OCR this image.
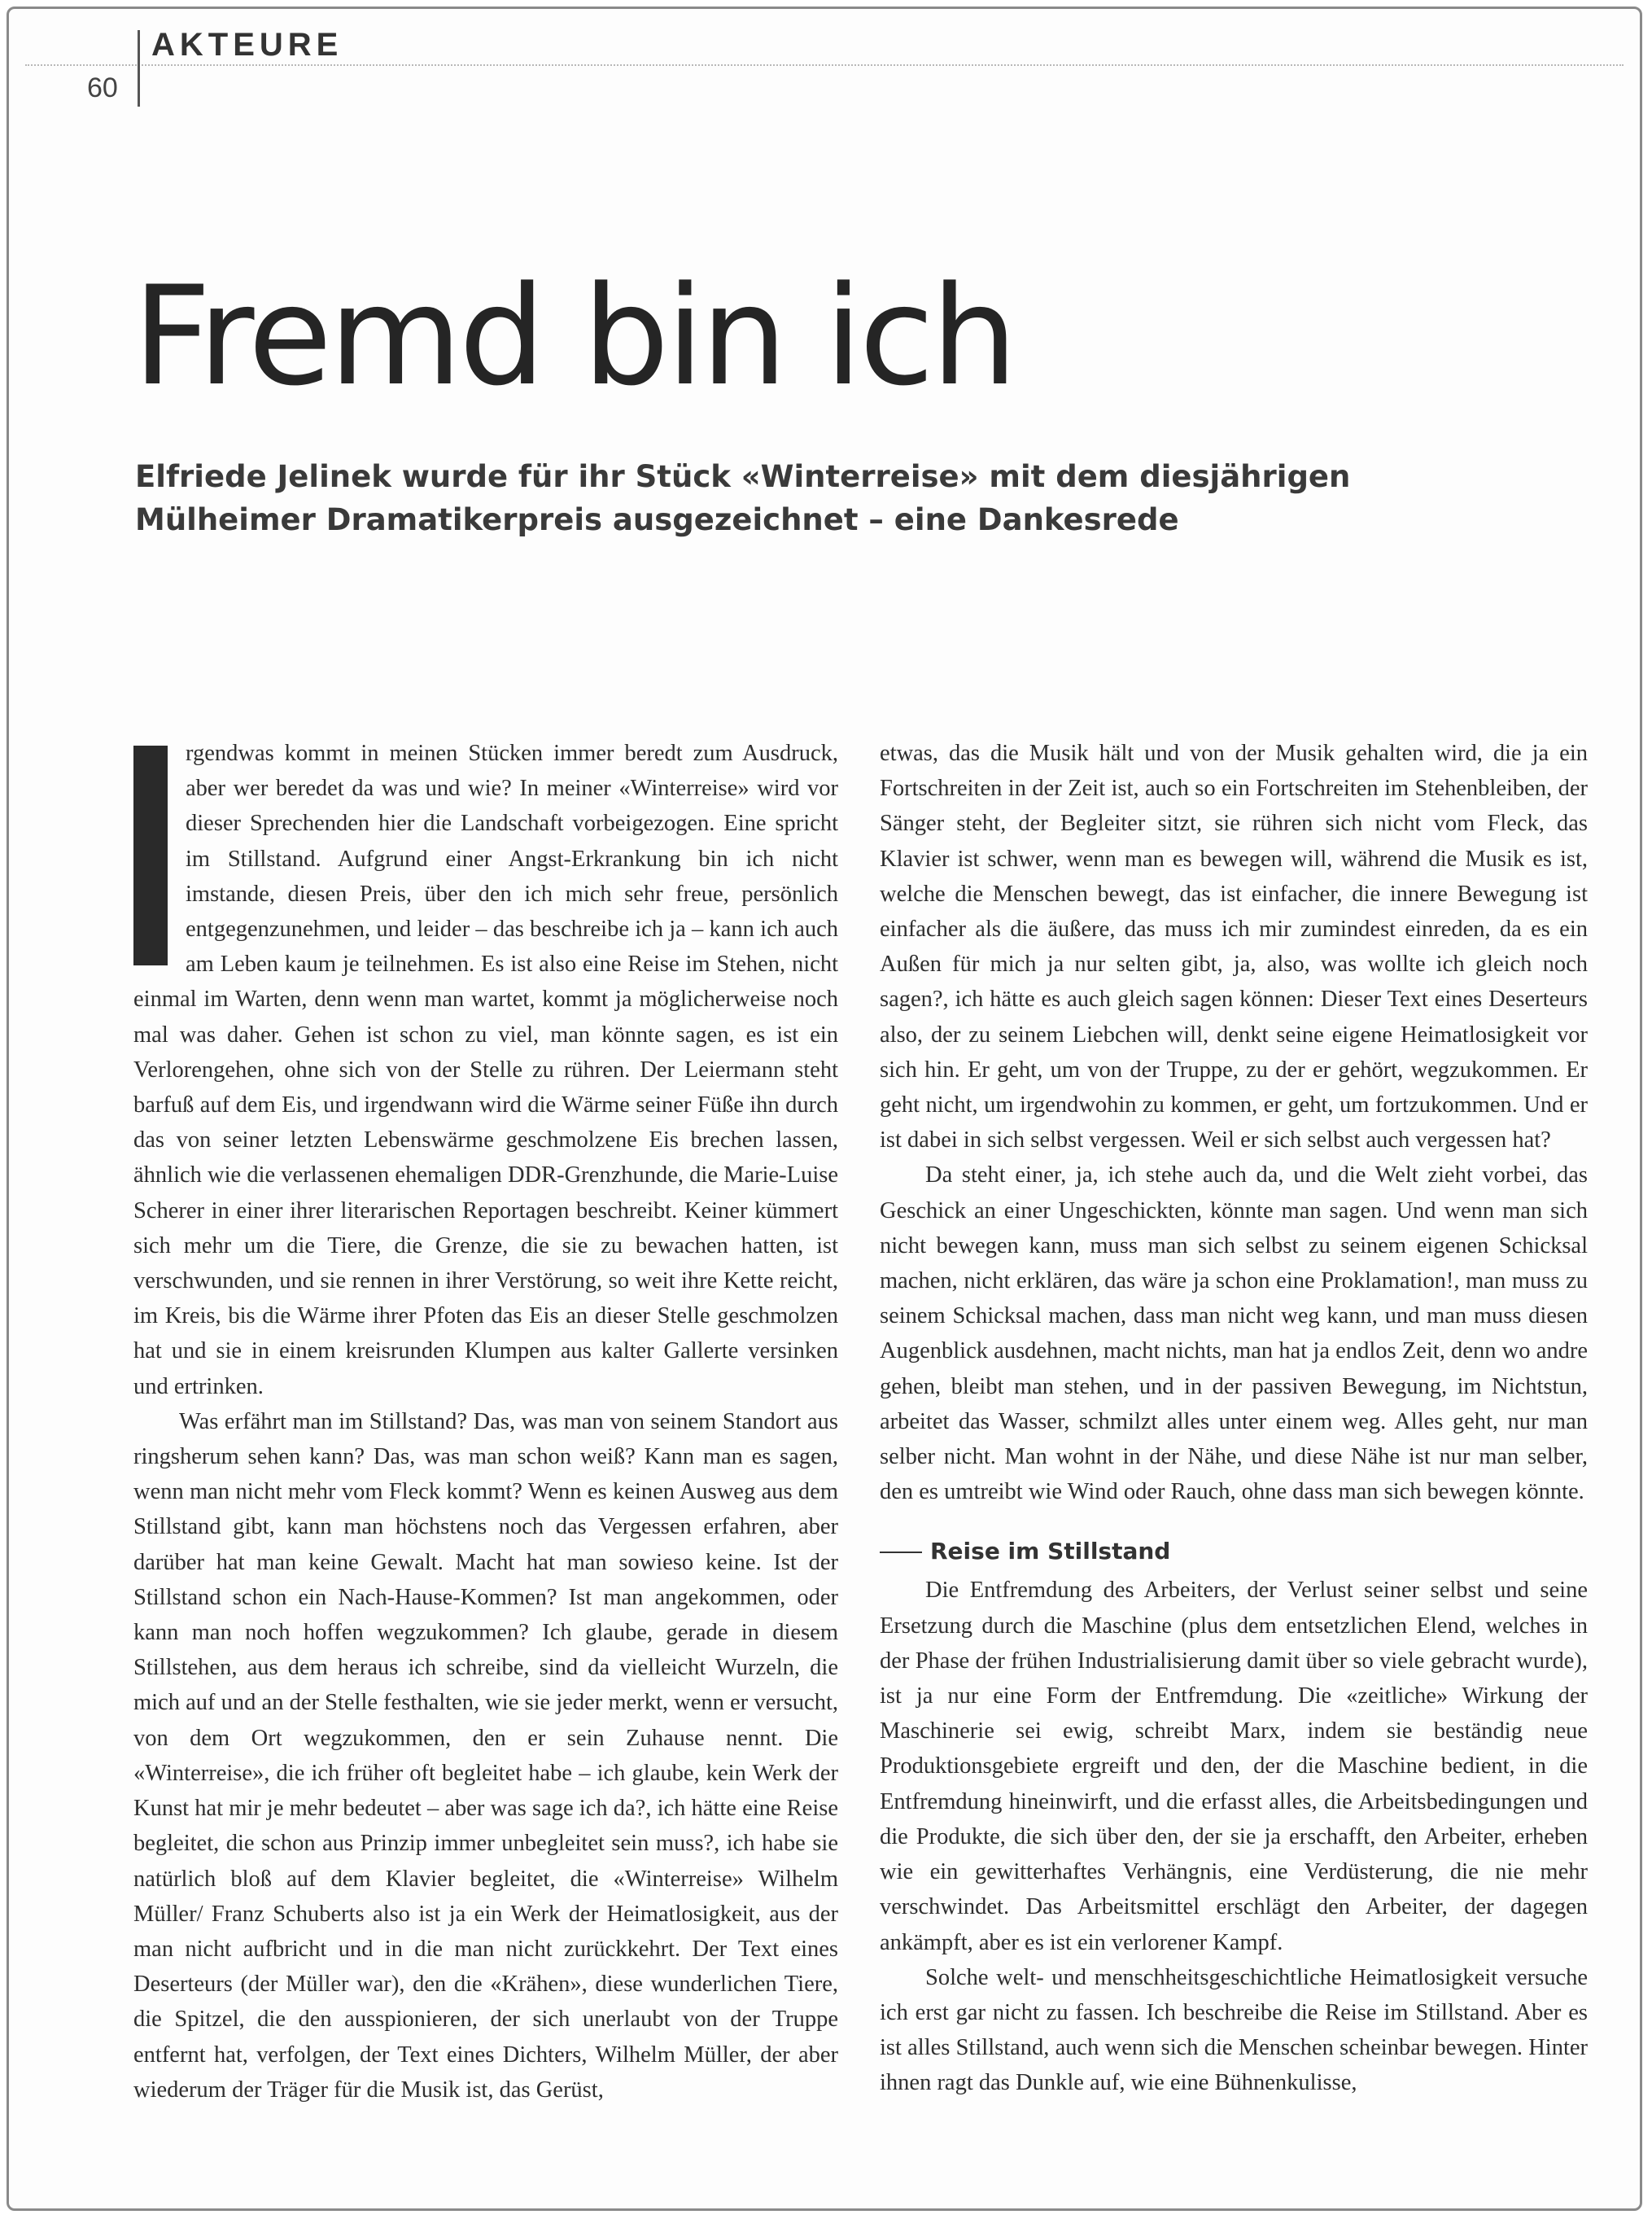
AKTEURE
60
Fremd bin ich
Elfriede Jelinek wurde für ihr Stück «Winterreise» mit dem diesjährigen Mülheimer Dramatikerpreis ausgezeichnet – eine Dankesrede

rgendwas kommt in meinen Stücken immer beredt zum Ausdruck, aber wer beredet da was und wie? In meiner «Winterreise» wird vor dieser Sprechenden hier die Landschaft vorbeigezogen. Eine spricht im Stillstand. Aufgrund einer Angst-Erkrankung bin ich nicht imstande, diesen Preis, über den ich mich sehr freue, persönlich entgegenzunehmen, und leider – das beschreibe ich ja – kann ich auch am Leben kaum je teilnehmen. Es ist also eine Reise im Stehen, nicht einmal im Warten, denn wenn man wartet, kommt ja möglicherweise noch mal was daher. Gehen ist schon zu viel, man könnte sagen, es ist ein Verlorengehen, ohne sich von der Stelle zu rühren. Der Leiermann steht barfuß auf dem Eis, und irgendwann wird die Wärme seiner Füße ihn durch das von seiner letzten Lebenswärme geschmolzene Eis brechen lassen, ähnlich wie die verlassenen ehemaligen DDR-Grenzhunde, die Marie-Luise Scherer in einer ihrer literarischen Reportagen beschreibt. Keiner kümmert sich mehr um die Tiere, die Grenze, die sie zu bewachen hatten, ist verschwunden, und sie rennen in ihrer Verstörung, so weit ihre Kette reicht, im Kreis, bis die Wärme ihrer Pfoten das Eis an dieser Stelle geschmolzen hat und sie in einem kreisrunden Klumpen aus kalter Gallerte versinken und ertrinken.

Was erfährt man im Stillstand? Das, was man von seinem Standort aus ringsherum sehen kann? Das, was man schon weiß? Kann man es sagen, wenn man nicht mehr vom Fleck kommt? Wenn es keinen Ausweg aus dem Stillstand gibt, kann man höchstens noch das Vergessen erfahren, aber darüber hat man keine Gewalt. Macht hat man sowieso keine. Ist der Stillstand schon ein Nach-Hause-Kommen? Ist man angekommen, oder kann man noch hoffen wegzukommen? Ich glaube, gerade in diesem Stillstehen, aus dem heraus ich schreibe, sind da vielleicht Wurzeln, die mich auf und an der Stelle festhalten, wie sie jeder merkt, wenn er versucht, von dem Ort wegzukommen, den er sein Zuhause nennt. Die «Winterreise», die ich früher oft begleitet habe – ich glaube, kein Werk der Kunst hat mir je mehr bedeutet – aber was sage ich da?, ich hätte eine Reise begleitet, die schon aus Prinzip immer unbegleitet sein muss?, ich habe sie natürlich bloß auf dem Klavier begleitet, die «Winterreise» Wilhelm Müller/ Franz Schuberts also ist ja ein Werk der Heimatlosigkeit, aus der man nicht aufbricht und in die man nicht zurückkehrt. Der Text eines Deserteurs (der Müller war), den die «Krähen», diese wunderlichen Tiere, die Spitzel, die den ausspionieren, der sich unerlaubt von der Truppe entfernt hat, verfolgen, der Text eines Dichters, Wilhelm Müller, der aber wiederum der Träger für die Musik ist, das Gerüst,

etwas, das die Musik hält und von der Musik gehalten wird, die ja ein Fortschreiten in der Zeit ist, auch so ein Fortschreiten im Stehenbleiben, der Sänger steht, der Begleiter sitzt, sie rühren sich nicht vom Fleck, das Klavier ist schwer, wenn man es bewegen will, während die Musik es ist, welche die Menschen bewegt, das ist einfacher, die innere Bewegung ist einfacher als die äußere, das muss ich mir zumindest einreden, da es ein Außen für mich ja nur selten gibt, ja, also, was wollte ich gleich noch sagen?, ich hätte es auch gleich sagen können: Dieser Text eines Deserteurs also, der zu seinem Liebchen will, denkt seine eigene Heimatlosigkeit vor sich hin. Er geht, um von der Truppe, zu der er gehört, wegzukommen. Er geht nicht, um irgendwohin zu kommen, er geht, um fortzukommen. Und er ist dabei in sich selbst vergessen. Weil er sich selbst auch vergessen hat?

Da steht einer, ja, ich stehe auch da, und die Welt zieht vorbei, das Geschick an einer Ungeschickten, könnte man sagen. Und wenn man sich nicht bewegen kann, muss man sich selbst zu seinem eigenen Schicksal machen, nicht erklären, das wäre ja schon eine Proklamation!, man muss zu seinem Schicksal machen, dass man nicht weg kann, und man muss diesen Augenblick ausdehnen, macht nichts, man hat ja endlos Zeit, denn wo andre gehen, bleibt man stehen, und in der passiven Bewegung, im Nichtstun, arbeitet das Wasser, schmilzt alles unter einem weg. Alles geht, nur man selber nicht. Man wohnt in der Nähe, und diese Nähe ist nur man selber, den es umtreibt wie Wind oder Rauch, ohne dass man sich bewegen könnte.

Reise im Stillstand

Die Entfremdung des Arbeiters, der Verlust seiner selbst und seine Ersetzung durch die Maschine (plus dem entsetzlichen Elend, welches in der Phase der frühen Industrialisierung damit über so viele gebracht wurde), ist ja nur eine Form der Entfremdung. Die «zeitliche» Wirkung der Maschinerie sei ewig, schreibt Marx, indem sie beständig neue Produktionsgebiete ergreift und den, der die Maschine bedient, in die Entfremdung hineinwirft, und die erfasst alles, die Arbeitsbedingungen und die Produkte, die sich über den, der sie ja erschafft, den Arbeiter, erheben wie ein gewitterhaftes Verhängnis, eine Verdüsterung, die nie mehr verschwindet. Das Arbeitsmittel erschlägt den Arbeiter, der dagegen ankämpft, aber es ist ein verlorener Kampf.

Solche welt- und menschheitsgeschichtliche Heimatlosigkeit versuche ich erst gar nicht zu fassen. Ich beschreibe die Reise im Stillstand. Aber es ist alles Stillstand, auch wenn sich die Menschen scheinbar bewegen. Hinter ihnen ragt das Dunkle auf, wie eine Bühnenkulisse,
